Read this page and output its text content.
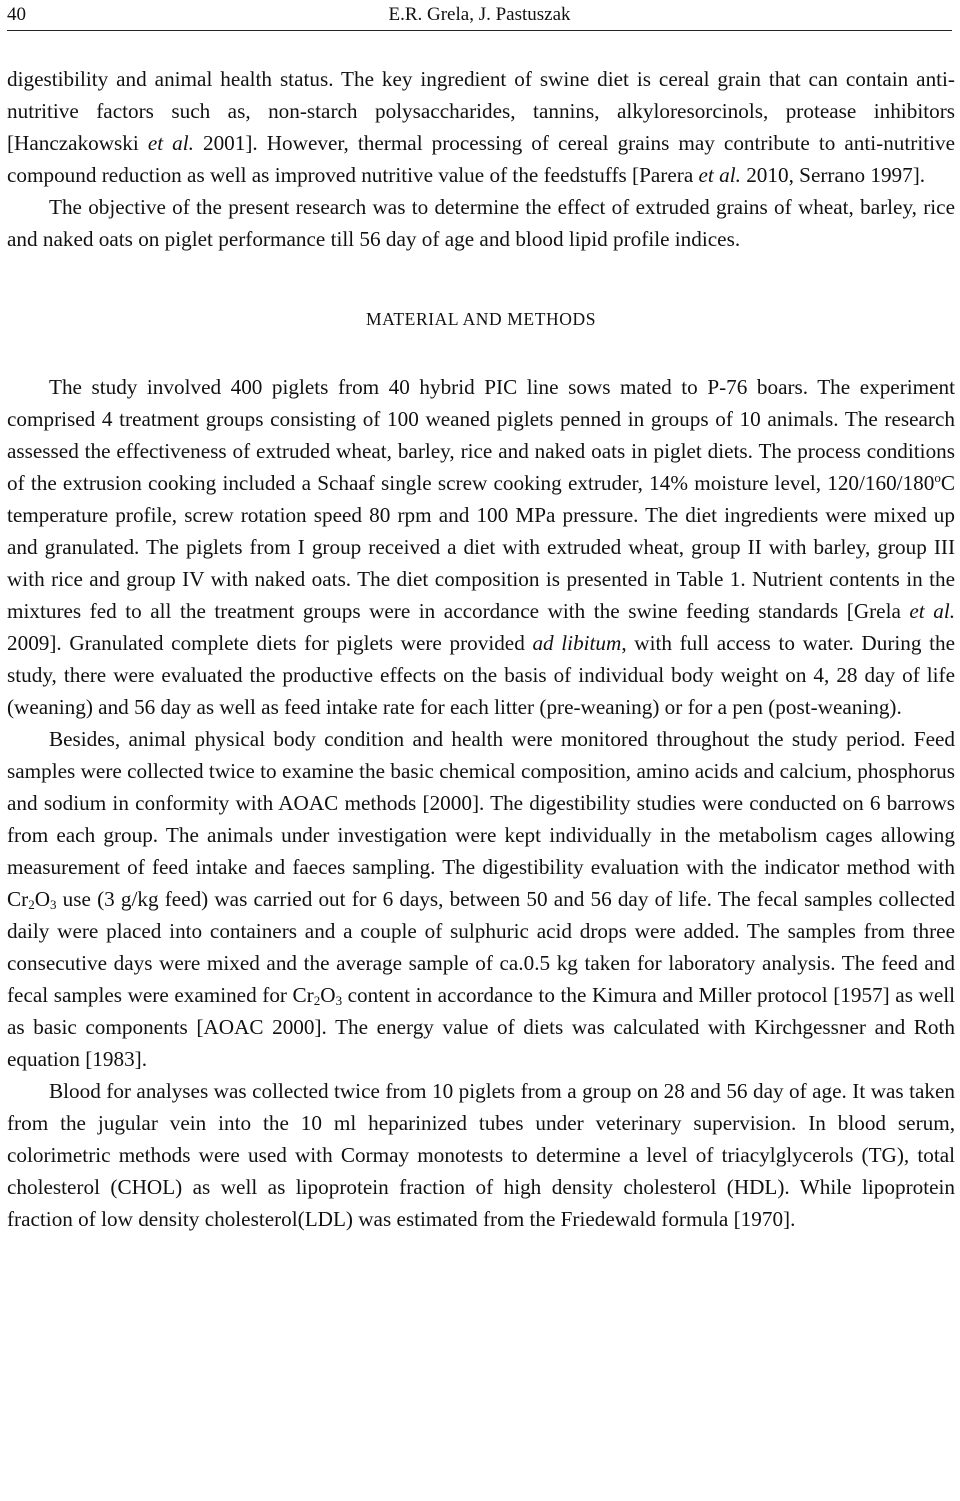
40	E.R. Grela, J. Pastuszak

digestibility and animal health status. The key ingredient of swine diet is cereal grain that can contain anti-nutritive factors such as, non-starch polysaccharides, tannins, alkyloresorcinols, protease inhibitors [Hanczakowski et al. 2001]. However, thermal processing of cereal grains may contribute to anti-nutritive compound reduction as well as improved nutritive value of the feedstuffs [Parera et al. 2010, Serrano 1997].

The objective of the present research was to determine the effect of extruded grains of wheat, barley, rice and naked oats on piglet performance till 56 day of age and blood lipid profile indices.

MATERIAL AND METHODS

The study involved 400 piglets from 40 hybrid PIC line sows mated to P-76 boars. The experiment comprised 4 treatment groups consisting of 100 weaned piglets penned in groups of 10 animals. The research assessed the effectiveness of extruded wheat, barley, rice and naked oats in piglet diets. The process conditions of the extrusion cooking included a Schaaf single screw cooking extruder, 14% moisture level, 120/160/180$^o$C temperature profile, screw rotation speed 80 rpm and 100 MPa pressure. The diet ingredients were mixed up and granulated. The piglets from I group received a diet with extruded wheat, group II with barley, group III with rice and group IV with naked oats. The diet composition is presented in Table 1. Nutrient contents in the mixtures fed to all the treatment groups were in accordance with the swine feeding standards [Grela et al. 2009]. Granulated complete diets for piglets were provided ad libitum, with full access to water. During the study, there were evaluated the productive effects on the basis of individual body weight on 4, 28 day of life (weaning) and 56 day as well as feed intake rate for each litter (pre-weaning) or for a pen (post-weaning).

Besides, animal physical body condition and health were monitored throughout the study period. Feed samples were collected twice to examine the basic chemical composition, amino acids and calcium, phosphorus and sodium in conformity with AOAC methods [2000]. The digestibility studies were conducted on 6 barrows from each group. The animals under investigation were kept individually in the metabolism cages allowing measurement of feed intake and faeces sampling. The digestibility evaluation with the indicator method with $Cr_2O_3$ use (3 g/kg feed) was carried out for 6 days, between 50 and 56 day of life. The fecal samples collected daily were placed into containers and a couple of sulphuric acid drops were added. The samples from three consecutive days were mixed and the average sample of ca.0.5 kg taken for laboratory analysis. The feed and fecal samples were examined for $Cr_2O_3$ content in accordance to the Kimura and Miller protocol [1957] as well as basic components [AOAC 2000]. The energy value of diets was calculated with Kirchgessner and Roth equation [1983].

Blood for analyses was collected twice from 10 piglets from a group on 28 and 56 day of age. It was taken from the jugular vein into the 10 ml heparinized tubes under veterinary supervision. In blood serum, colorimetric methods were used with Cormay monotests to determine a level of triacylglycerols (TG), total cholesterol (CHOL) as well as lipoprotein fraction of high density cholesterol (HDL). While lipoprotein fraction of low density cholesterol(LDL) was estimated from the Friedewald formula [1970].
